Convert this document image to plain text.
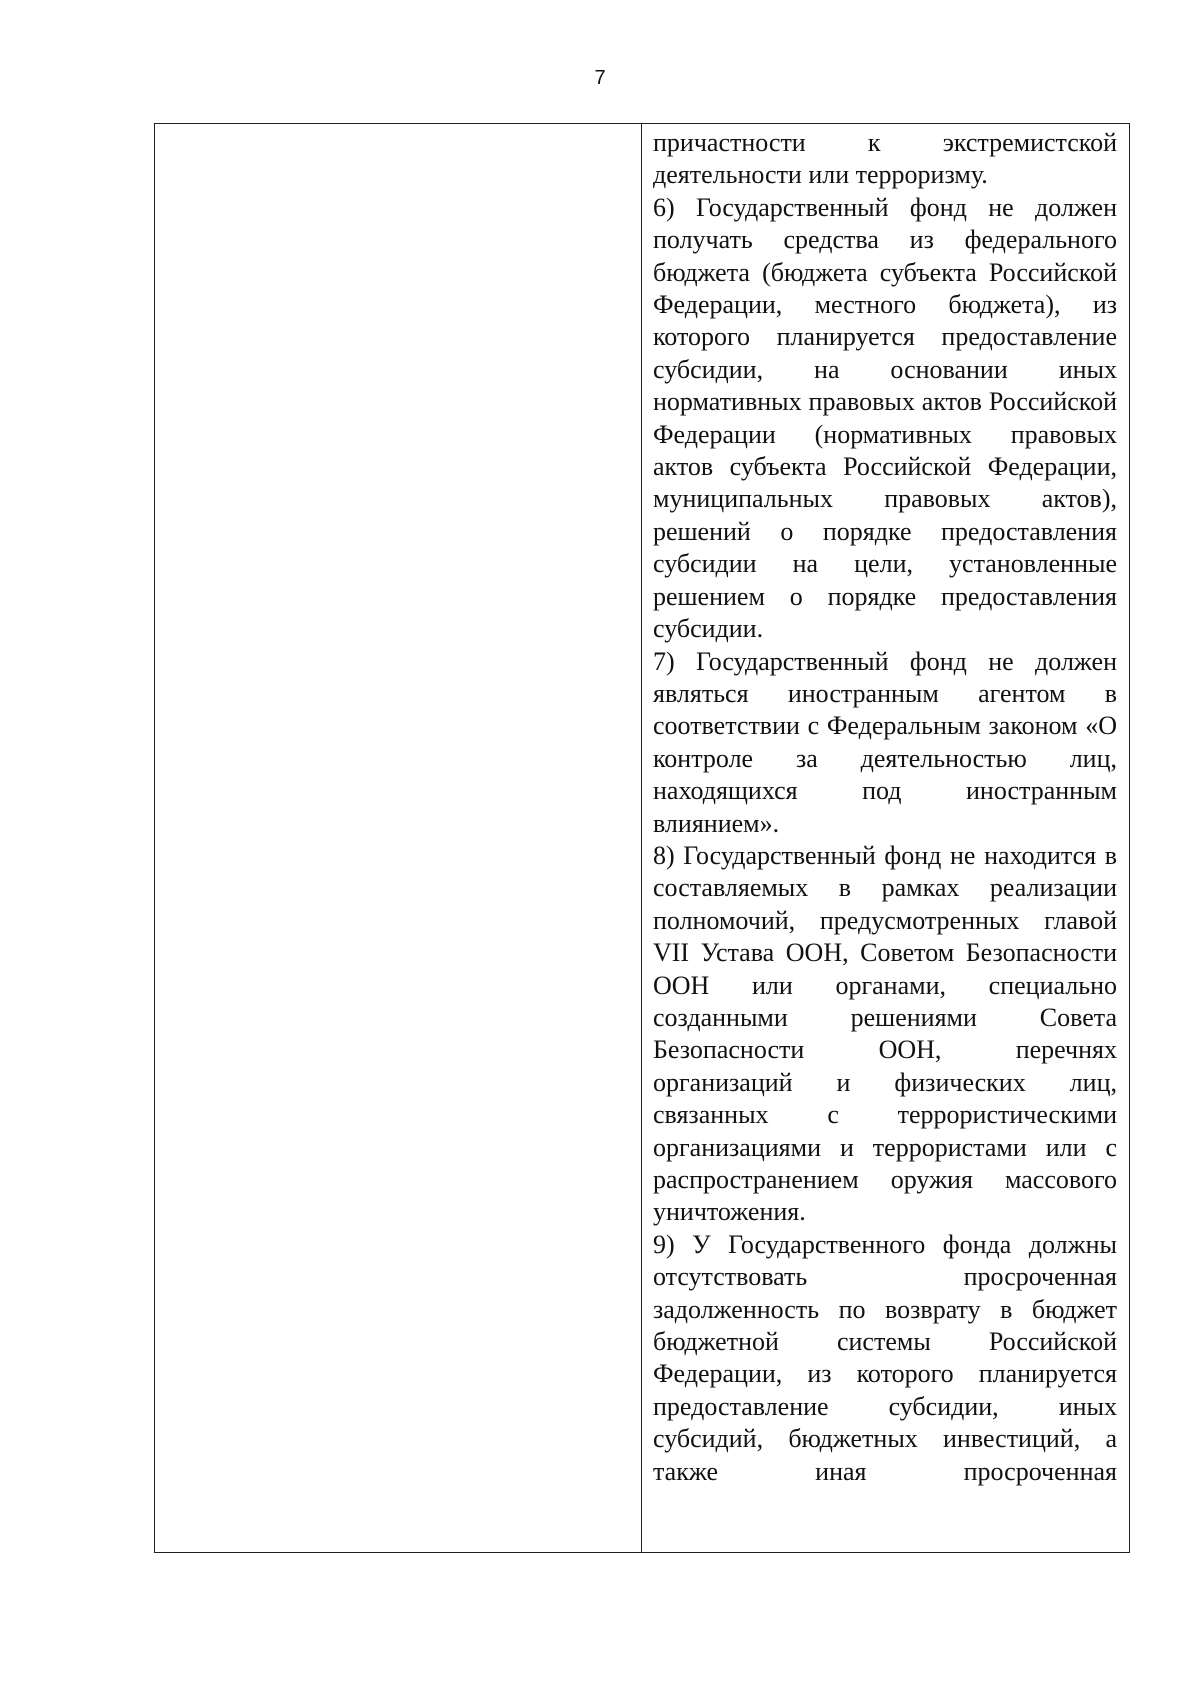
7

причастности к экстремистской деятельности или терроризму.

6) Государственный фонд не должен получать средства из федерального бюджета (бюджета субъекта Российской Федерации, местного бюджета), из которого планируется предоставление субсидии, на основании иных нормативных правовых актов Российской Федерации (нормативных правовых актов субъекта Российской Федерации, муниципальных правовых актов), решений о порядке предоставления субсидии на цели, установленные решением о порядке предоставления субсидии.

7) Государственный фонд не должен являться иностранным агентом в соответствии с Федеральным законом «О контроле за деятельностью лиц, находящихся под иностранным влиянием».

8) Государственный фонд не находится в составляемых в рамках реализации полномочий, предусмотренных главой VII Устава ООН, Советом Безопасности ООН или органами, специально созданными решениями Совета Безопасности ООН, перечнях организаций и физических лиц, связанных с террористическими организациями и террористами или с распространением оружия массового уничтожения.

9) У Государственного фонда должны отсутствовать просроченная задолженность по возврату в бюджет бюджетной системы Российской Федерации, из которого планируется предоставление субсидии, иных субсидий, бюджетных инвестиций, а также иная просроченная
